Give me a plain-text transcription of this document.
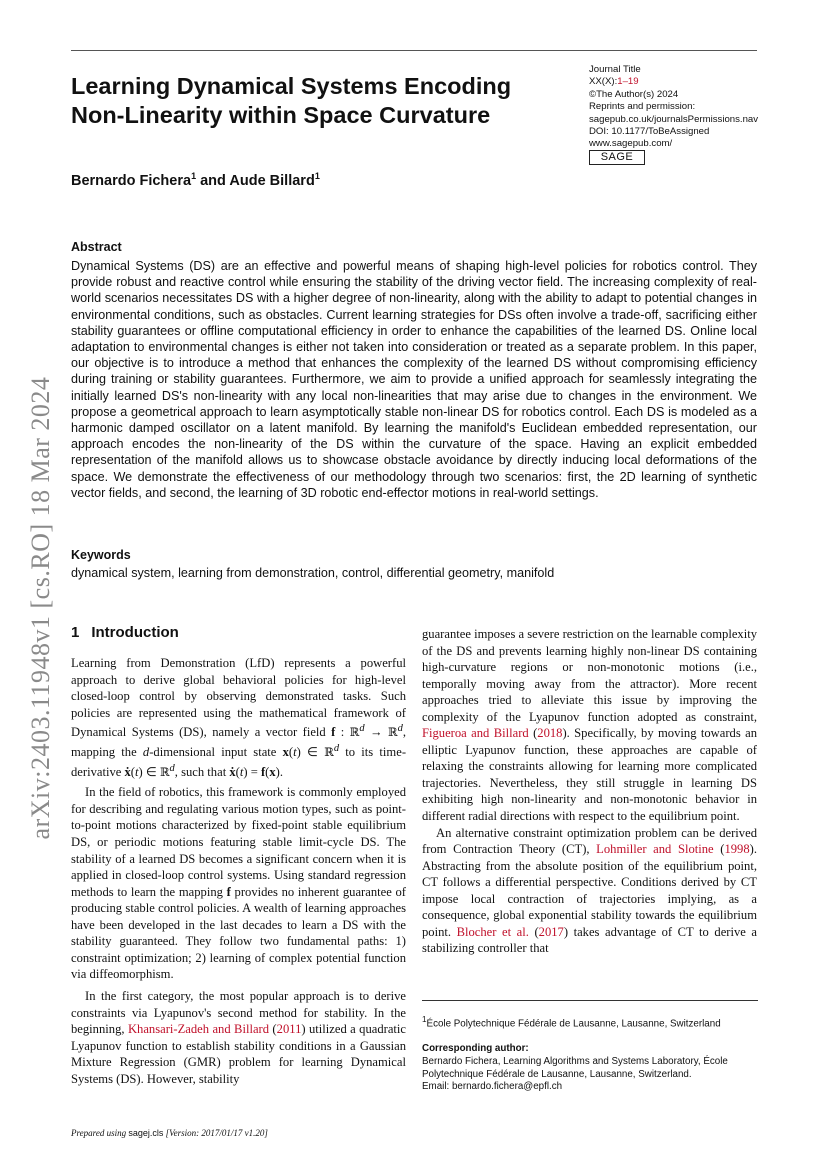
arXiv:2403.11948v1 [cs.RO] 18 Mar 2024
Journal Title
XX(X):1–19
©The Author(s) 2024
Reprints and permission:
sagepub.co.uk/journalsPermissions.nav
DOI: 10.1177/ToBeAssigned
www.sagepub.com/
SAGE
Learning Dynamical Systems Encoding Non-Linearity within Space Curvature
Bernardo Fichera$^1$ and Aude Billard$^1$
Abstract

Dynamical Systems (DS) are an effective and powerful means of shaping high-level policies for robotics control. They provide robust and reactive control while ensuring the stability of the driving vector field. The increasing complexity of real-world scenarios necessitates DS with a higher degree of non-linearity, along with the ability to adapt to potential changes in environmental conditions, such as obstacles. Current learning strategies for DSs often involve a trade-off, sacrificing either stability guarantees or offline computational efficiency in order to enhance the capabilities of the learned DS. Online local adaptation to environmental changes is either not taken into consideration or treated as a separate problem. In this paper, our objective is to introduce a method that enhances the complexity of the learned DS without compromising efficiency during training or stability guarantees. Furthermore, we aim to provide a unified approach for seamlessly integrating the initially learned DS's non-linearity with any local non-linearities that may arise due to changes in the environment. We propose a geometrical approach to learn asymptotically stable non-linear DS for robotics control. Each DS is modeled as a harmonic damped oscillator on a latent manifold. By learning the manifold's Euclidean embedded representation, our approach encodes the non-linearity of the DS within the curvature of the space. Having an explicit embedded representation of the manifold allows us to showcase obstacle avoidance by directly inducing local deformations of the space. We demonstrate the effectiveness of our methodology through two scenarios: first, the 2D learning of synthetic vector fields, and second, the learning of 3D robotic end-effector motions in real-world settings.

Keywords
dynamical system, learning from demonstration, control, differential geometry, manifold
1 Introduction

Learning from Demonstration (LfD) represents a powerful approach to derive global behavioral policies for high-level closed-loop control by observing demonstrated tasks. Such policies are represented using the mathematical framework of Dynamical Systems (DS), namely a vector field f : ℝ$^d$ → ℝ$^d$, mapping the d-dimensional input state x(t) ∈ ℝ$^d$ to its time-derivative ẋ(t) ∈ ℝ$^d$, such that ẋ(t) = f(x).

In the field of robotics, this framework is commonly employed for describing and regulating various motion types, such as point-to-point motions characterized by fixed-point stable equilibrium DS, or periodic motions featuring stable limit-cycle DS. The stability of a learned DS becomes a significant concern when it is applied in closed-loop control systems. Using standard regression methods to learn the mapping f provides no inherent guarantee of producing stable control policies. A wealth of learning approaches have been developed in the last decades to learn a DS with the stability guaranteed. They follow two fundamental paths: 1) constraint optimization; 2) learning of complex potential function via diffeomorphism.

In the first category, the most popular approach is to derive constraints via Lyapunov's second method for stability. In the beginning, Khansari-Zadeh and Billard (2011) utilized a quadratic Lyapunov function to establish stability conditions in a Gaussian Mixture Regression (GMR) problem for learning Dynamical Systems (DS). However, stability

guarantee imposes a severe restriction on the learnable complexity of the DS and prevents learning highly non-linear DS containing high-curvature regions or non-monotonic motions (i.e., temporally moving away from the attractor). More recent approaches tried to alleviate this issue by improving the complexity of the Lyapunov function adopted as constraint, Figueroa and Billard (2018). Specifically, by moving towards an elliptic Lyapunov function, these approaches are capable of relaxing the constraints allowing for learning more complicated trajectories. Nevertheless, they still struggle in learning DS exhibiting high non-linearity and non-monotonic behavior in different radial directions with respect to the equilibrium point.

An alternative constraint optimization problem can be derived from Contraction Theory (CT), Lohmiller and Slotine (1998). Abstracting from the absolute position of the equilibrium point, CT follows a differential perspective. Conditions derived by CT impose local contraction of trajectories implying, as a consequence, global exponential stability towards the equilibrium point. Blocher et al. (2017) takes advantage of CT to derive a stabilizing controller that

$^1$École Polytechnique Fédérale de Lausanne, Lausanne, Switzerland
Corresponding author:
Bernardo Fichera, Learning Algorithms and Systems Laboratory, École Polytechnique Fédérale de Lausanne, Lausanne, Switzerland.
Email: bernardo.fichera@epfl.ch
Prepared using sagej.cls [Version: 2017/01/17 v1.20]
